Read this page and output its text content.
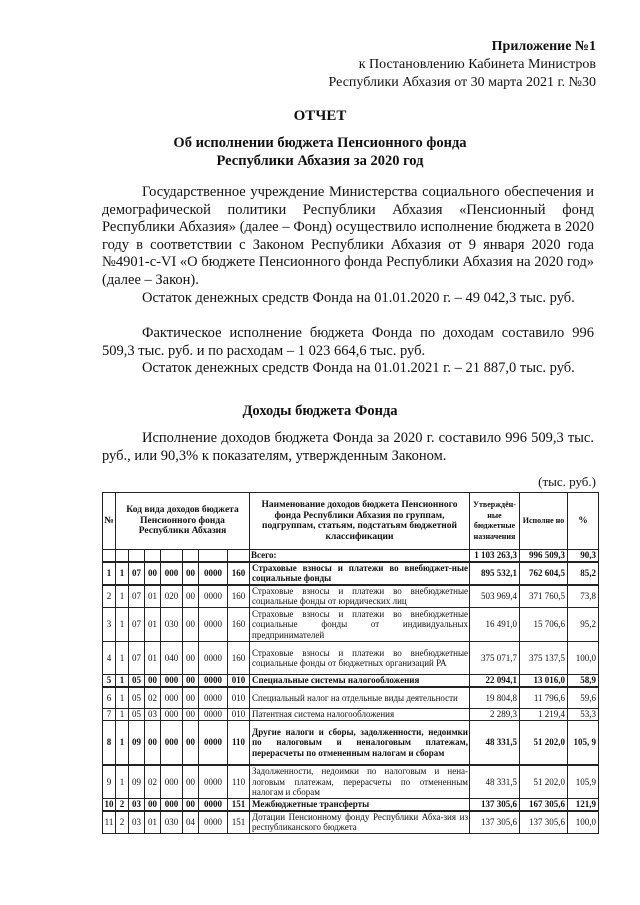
Приложение №1
к Постановлению Кабинета Министров
Республики Абхазия от 30 марта 2021 г. №30
ОТЧЕТ
Об исполнении бюджета Пенсионного фонда
Республики Абхазия за 2020 год
Государственное учреждение Министерства социального обеспечения и демографической политики Республики Абхазия «Пенсионный фонд Республики Абхазия» (далее – Фонд) осуществило исполнение бюджета в 2020 году в соответствии с Законом Республики Абхазия от 9 января 2020 года №4901-с-VI «О бюджете Пенсионного фонда Республики Абхазия на 2020 год» (далее – Закон).
Остаток денежных средств Фонда на 01.01.2020 г. – 49 042,3 тыс. руб.
Фактическое исполнение бюджета Фонда по доходам составило 996 509,3 тыс. руб. и по расходам – 1 023 664,6 тыс. руб.
Остаток денежных средств Фонда на 01.01.2021 г. – 21 887,0 тыс. руб.
Доходы бюджета Фонда
Исполнение доходов бюджета Фонда за 2020 г. составило 996 509,3 тыс. руб., или 90,3% к показателям, утвержденным Законом.
(тыс. руб.)
№	Код вида доходов бюджета Пенсионного фонда Республики Абхазия							Наименование доходов бюджета Пенсионного фонда Республики Абхазия по группам, подгруппам, статьям, подстатьям бюджетной классификации	Утверждён-ные бюджетные назначения	Исполне но	%
								Всего:	1 103 263,3	996 509,3	90,3
1	1	07	00	000	00	0000	160	Страховые взносы и платежи во внебюджет-ные социальные фонды	895 532,1	762 604,5	85,2
2	1	07	01	020	00	0000	160	Страховые взносы и платежи во внебюджетные социальные фонды от юридических лиц	503 969,4	371 760,5	73,8
3	1	07	01	030	00	0000	160	Страховые взносы и платежи во внебюджетные социальные фонды от индивидуальных предпринимателей	16 491,0	15 706,6	95,2
4	1	07	01	040	00	0000	160	Страховые взносы и платежи во внебюджетные социальные фонды от бюджетных организаций РА	375 071,7	375 137,5	100,0
5	1	05	00	000	00	0000	010	Специальные системы налогообложения	22 094,1	13 016,0	58,9
6	1	05	02	000	00	0000	010	Специальный налог на отдельные виды деятельности	19 804,8	11 796,6	59,6
7	1	05	03	000	00	0000	010	Патентная система налогообложения	2 289,3	1 219,4	53,3
8	1	09	00	000	00	0000	110	Другие налоги и сборы, задолженности, недоимки по налоговым и неналоговым платежам, перерасчеты по отмененным налогам и сборам	48 331,5	51 202,0	105, 9
9	1	09	02	000	00	0000	110	Задолженности, недоимки по налоговым и нена-логовым платежам, перерасчеты по отмененным налогам и сборам	48 331,5	51 202,0	105,9
10	2	03	00	000	00	0000	151	Межбюджетные трансферты	137 305,6	167 305,6	121,9
11	2	03	01	030	04	0000	151	Дотации Пенсионному фонду Республики Абха-зия из республиканского бюджета	137 305,6	137 305,6	100,0
